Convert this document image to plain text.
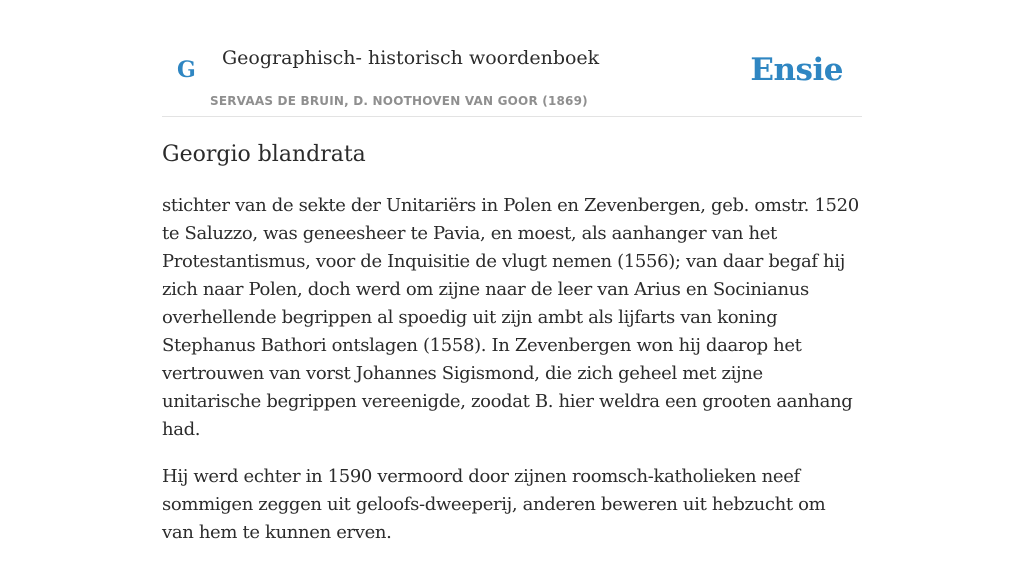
G Geographisch- historisch woordenboek
SERVAAS DE BRUIN, D. NOOTHOVEN VAN GOOR (1869)
Ensie
Georgio blandrata

stichter van de sekte der Unitariërs in Polen en Zevenbergen, geb. omstr. 1520 te Saluzzo, was geneesheer te Pavia, en moest, als aanhanger van het Protestantismus, voor de Inquisitie de vlugt nemen (1556); van daar begaf hij zich naar Polen, doch werd om zijne naar de leer van Arius en Socinianus overhellende begrippen al spoedig uit zijn ambt als lijfarts van koning Stephanus Bathori ontslagen (1558). In Zevenbergen won hij daarop het vertrouwen van vorst Johannes Sigismond, die zich geheel met zijne unitarische begrippen vereenigde, zoodat B. hier weldra een grooten aanhang had.

Hij werd echter in 1590 vermoord door zijnen roomsch-katholieken neef sommigen zeggen uit geloofs-dweeperij, anderen beweren uit hebzucht om van hem te kunnen erven.
